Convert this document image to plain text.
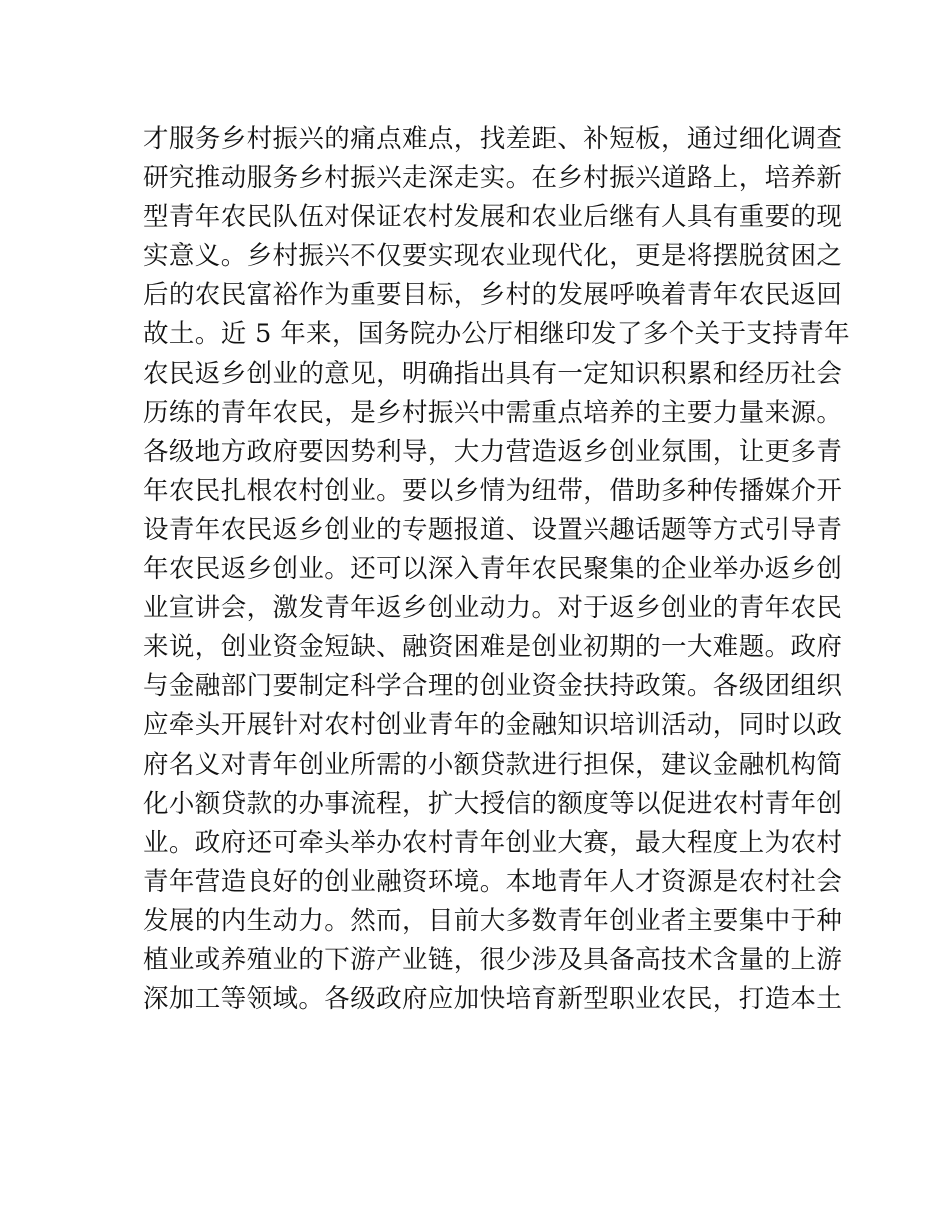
才服务乡村振兴的痛点难点，找差距、补短板，通过细化调查
研究推动服务乡村振兴走深走实。在乡村振兴道路上，培养新
型青年农民队伍对保证农村发展和农业后继有人具有重要的现
实意义。乡村振兴不仅要实现农业现代化，更是将摆脱贫困之
后的农民富裕作为重要目标，乡村的发展呼唤着青年农民返回
故土。近 5 年来，国务院办公厅相继印发了多个关于支持青年
农民返乡创业的意见，明确指出具有一定知识积累和经历社会
历练的青年农民，是乡村振兴中需重点培养的主要力量来源。
各级地方政府要因势利导，大力营造返乡创业氛围，让更多青
年农民扎根农村创业。要以乡情为纽带，借助多种传播媒介开
设青年农民返乡创业的专题报道、设置兴趣话题等方式引导青
年农民返乡创业。还可以深入青年农民聚集的企业举办返乡创
业宣讲会，激发青年返乡创业动力。对于返乡创业的青年农民
来说，创业资金短缺、融资困难是创业初期的一大难题。政府
与金融部门要制定科学合理的创业资金扶持政策。各级团组织
应牵头开展针对农村创业青年的金融知识培训活动，同时以政
府名义对青年创业所需的小额贷款进行担保，建议金融机构简
化小额贷款的办事流程，扩大授信的额度等以促进农村青年创
业。政府还可牵头举办农村青年创业大赛，最大程度上为农村
青年营造良好的创业融资环境。本地青年人才资源是农村社会
发展的内生动力。然而，目前大多数青年创业者主要集中于种
植业或养殖业的下游产业链，很少涉及具备高技术含量的上游
深加工等领域。各级政府应加快培育新型职业农民，打造本土
